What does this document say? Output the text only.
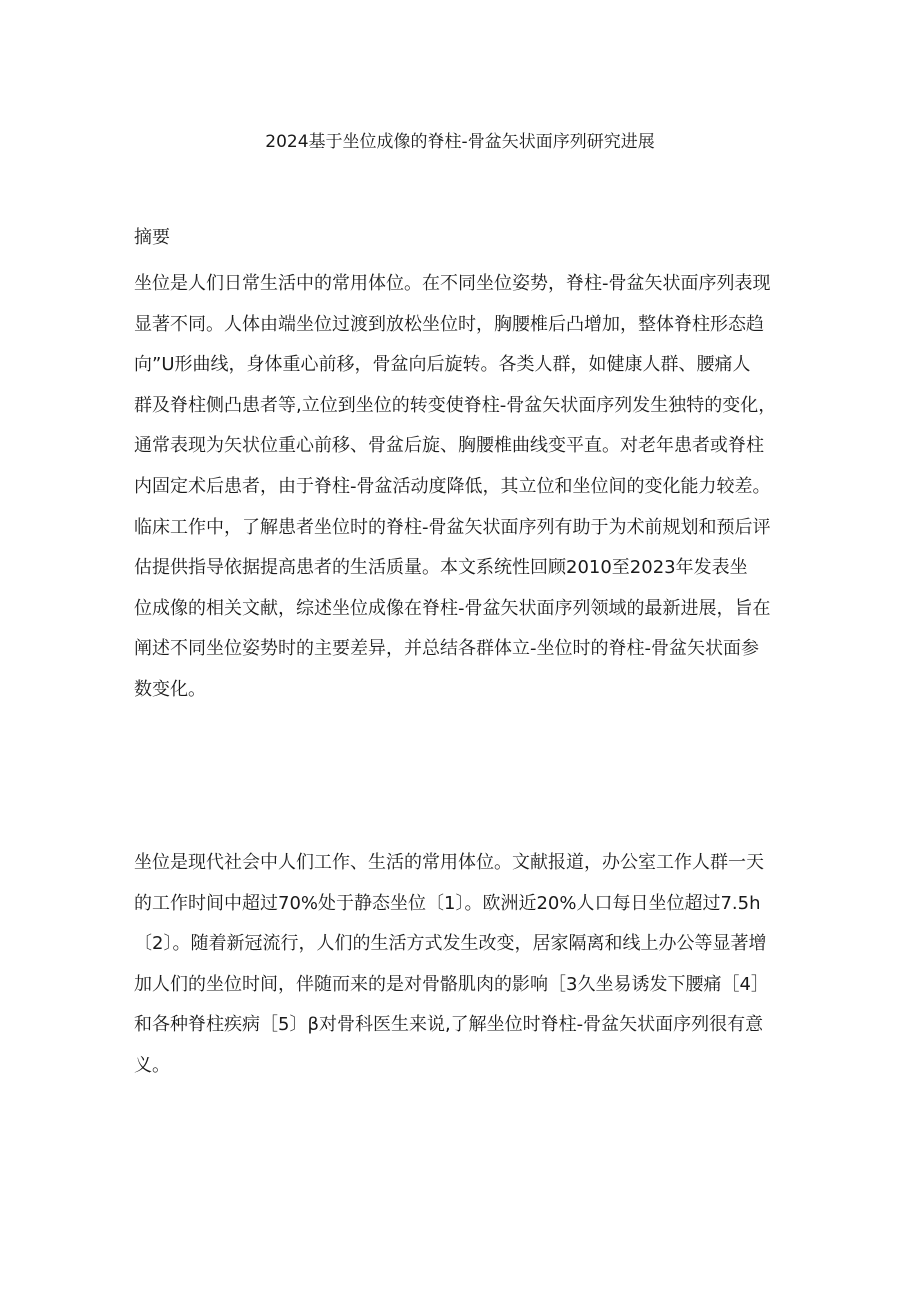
2024基于坐位成像的脊柱-骨盆矢状面序列研究进展
摘要

坐位是人们日常生活中的常用体位。在不同坐位姿势，脊柱-骨盆矢状面序列表现
显著不同。人体由端坐位过渡到放松坐位时，胸腰椎后凸增加，整体脊柱形态趋
向”U形曲线，身体重心前移，骨盆向后旋转。各类人群，如健康人群、腰痛人
群及脊柱侧凸患者等,立位到坐位的转变使脊柱-骨盆矢状面序列发生独特的变化，
通常表现为矢状位重心前移、骨盆后旋、胸腰椎曲线变平直。对老年患者或脊柱
内固定术后患者，由于脊柱-骨盆活动度降低，其立位和坐位间的变化能力较差。
临床工作中，了解患者坐位时的脊柱-骨盆矢状面序列有助于为术前规划和预后评
估提供指导依据提高患者的生活质量。本文系统性回顾2010至2023年发表坐
位成像的相关文献，综述坐位成像在脊柱-骨盆矢状面序列领域的最新进展，旨在
阐述不同坐位姿势时的主要差异，并总结各群体立-坐位时的脊柱-骨盆矢状面参
数变化。

坐位是现代社会中人们工作、生活的常用体位。文献报道，办公室工作人群一天
的工作时间中超过70%处于静态坐位〔1〕。欧洲近20%人口每日坐位超过7.5h
〔2〕。随着新冠流行，人们的生活方式发生改变，居家隔离和线上办公等显著增
加人们的坐位时间，伴随而来的是对骨骼肌肉的影响［3久坐易诱发下腰痛［4］
和各种脊柱疾病［5〕β对骨科医生来说,了解坐位时脊柱-骨盆矢状面序列很有意
义。
